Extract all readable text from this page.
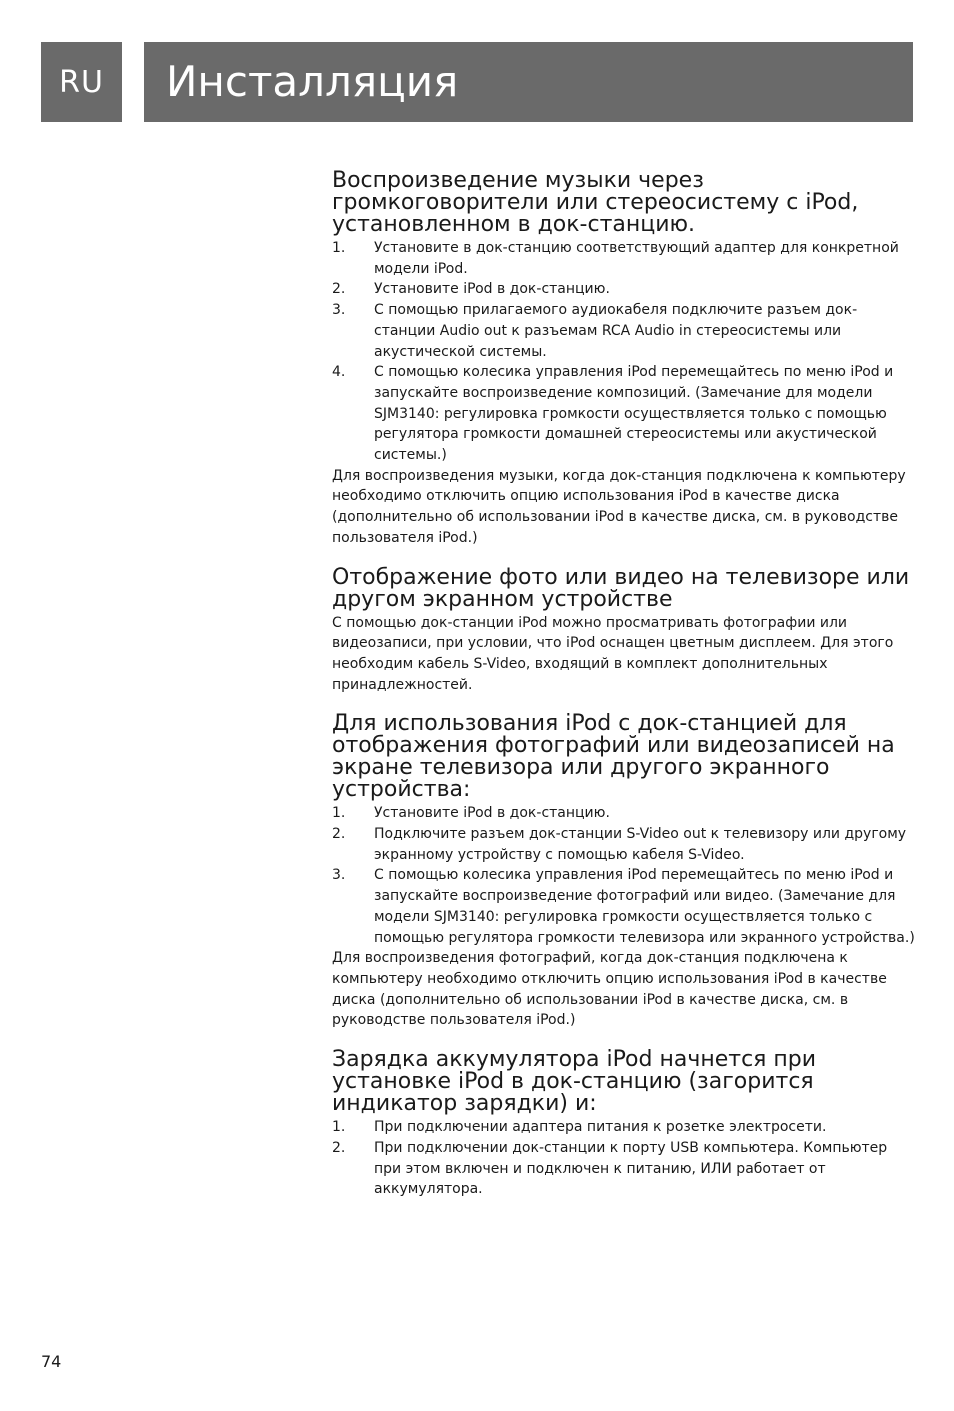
RU	Инсталляция
Воспроизведение музыки через громкоговорители или стереосистему с iPod, установленном в док-станцию.
1. Установите в док-станцию соответствующий адаптер для конкретной модели iPod.
2. Установите iPod в док-станцию.
3. С помощью прилагаемого аудиокабеля подключите разъем док-станции Audio out к разъемам RCA Audio in стереосистемы или акустической системы.
4. С помощью колесика управления iPod перемещайтесь по меню iPod и запускайте воспроизведение композиций. (Замечание для модели SJM3140: регулировка громкости осуществляется только с помощью регулятора громкости домашней стереосистемы или акустической системы.)

Для воспроизведения музыки, когда док-станция подключена к компьютеру необходимо отключить опцию использования iPod в качестве диска (дополнительно об использовании iPod в качестве диска, см. в руководстве пользователя iPod.)

Отображение фото или видео на телевизоре или другом экранном устройстве

С помощью док-станции iPod можно просматривать фотографии или видеозаписи, при условии, что iPod оснащен цветным дисплеем. Для этого необходим кабель S-Video, входящий в комплект дополнительных принадлежностей.

Для использования iPod с док-станцией для отображения фотографий или видеозаписей на экране телевизора или другого экранного устройства:
1. Установите iPod в док-станцию.
2. Подключите разъем док-станции S-Video out к телевизору или другому экранному устройству с помощью кабеля S-Video.
3. С помощью колесика управления iPod перемещайтесь по меню iPod и запускайте воспроизведение фотографий или видео. (Замечание для модели SJM3140: регулировка громкости осуществляется только с помощью регулятора громкости телевизора или экранного устройства.)

Для воспроизведения фотографий, когда док-станция подключена к компьютеру необходимо отключить опцию использования iPod в качестве диска (дополнительно об использовании iPod в качестве диска, см. в руководстве пользователя iPod.)

Зарядка аккумулятора iPod начнется при установке iPod в док-станцию (загорится индикатор зарядки) и:
1. При подключении адаптера питания к розетке электросети.
2. При подключении док-станции к порту USB компьютера. Компьютер при этом включен и подключен к питанию, ИЛИ работает от аккумулятора.
74
